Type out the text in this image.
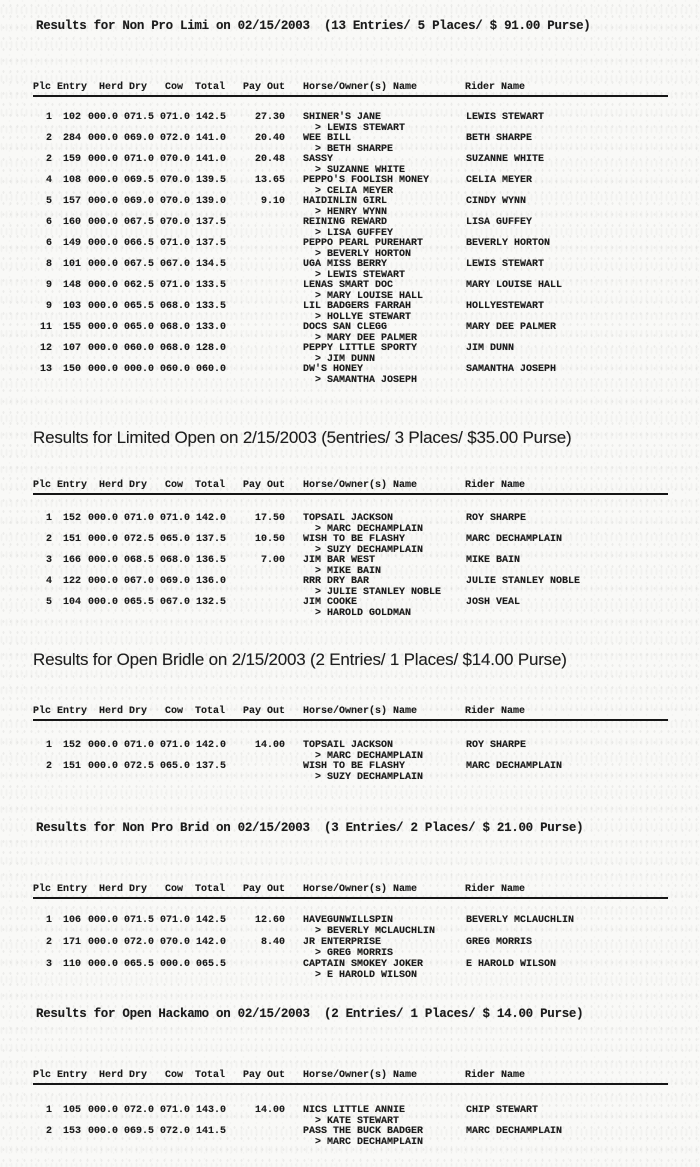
Results for Non Pro Limi on 02/15/2003  (13 Entries/ 5 Places/ $ 91.00 Purse)
Plc Entry Herd Dry Cow Total Pay Out Horse/Owner(s) Name	Rider Name
1	102 000.0 071.5 071.0 142.5	27.30 SHINER'S JANE	LEWIS STEWART
> LEWIS STEWART
2	284 000.0 069.0 072.0 141.0	20.40 WEE BILL	BETH SHARPE
> BETH SHARPE
2	159 000.0 071.0 070.0 141.0	20.48 SASSY	SUZANNE WHITE
> SUZANNE WHITE
4	108 000.0 069.5 070.0 139.5	13.65 PEPPO'S FOOLISH MONEY	CELIA MEYER
> CELIA MEYER
5	157 000.0 069.0 070.0 139.0	9.10 HAIDINLIN GIRL	CINDY WYNN
> HENRY WYNN
6	160 000.0 067.5 070.0 137.5	REINING REWARD	LISA GUFFEY
> LISA GUFFEY
6	149 000.0 066.5 071.0 137.5	PEPPO PEARL PUREHART	BEVERLY HORTON
> BEVERLY HORTON
8	101 000.0 067.5 067.0 134.5	UGA MISS BERRY	LEWIS STEWART
> LEWIS STEWART
9	148 000.0 062.5 071.0 133.5	LENAS SMART DOC	MARY LOUISE HALL
> MARY LOUISE HALL
9	103 000.0 065.5 068.0 133.5	LIL BADGERS FARRAH	HOLLYESTEWART
> HOLLYE STEWART
11	155 000.0 065.0 068.0 133.0	DOCS SAN CLEGG	MARY DEE PALMER
> MARY DEE PALMER
12	107 000.0 060.0 068.0 128.0	PEPPY LITTLE SPORTY	JIM DUNN
> JIM DUNN
13	150 000.0 000.0 060.0 060.0	DW'S HONEY	SAMANTHA JOSEPH
> SAMANTHA JOSEPH
Results for Limited Open on 2/15/2003 (5entries/ 3 Places/ $35.00 Purse)
Plc Entry Herd Dry Cow Total Pay Out Horse/Owner(s) Name	Rider Name
1	152 000.0 071.0 071.0 142.0	17.50 TOPSAIL JACKSON	ROY SHARPE
> MARC DECHAMPLAIN
2	151 000.0 072.5 065.0 137.5	10.50 WISH TO BE FLASHY	MARC DECHAMPLAIN
> SUZY DECHAMPLAIN
3	166 000.0 068.5 068.0 136.5	7.00 JIM BAR WEST	MIKE BAIN
> MIKE BAIN
4	122 000.0 067.0 069.0 136.0	RRR DRY BAR	JULIE STANLEY NOBLE
> JULIE STANLEY NOBLE
5	104 000.0 065.5 067.0 132.5	JIM COOKE	JOSH VEAL
> HAROLD GOLDMAN
Results for Open Bridle on 2/15/2003 (2 Entries/ 1 Places/ $14.00 Purse)
Plc Entry Herd Dry Cow Total Pay Out Horse/Owner(s) Name	Rider Name
1	152 000.0 071.0 071.0 142.0	14.00 TOPSAIL JACKSON	ROY SHARPE
> MARC DECHAMPLAIN
2	151 000.0 072.5 065.0 137.5	WISH TO BE FLASHY	MARC DECHAMPLAIN
> SUZY DECHAMPLAIN
Results for Non Pro Brid on 02/15/2003  (3 Entries/ 2 Places/ $ 21.00 Purse)
Plc Entry Herd Dry Cow Total Pay Out Horse/Owner(s) Name	Rider Name
1	106 000.0 071.5 071.0 142.5	12.60 HAVEGUNWILLSPIN	BEVERLY MCLAUCHLIN
> BEVERLY MCLAUCHLIN
2	171 000.0 072.0 070.0 142.0	8.40 JR ENTERPRISE	GREG MORRIS
> GREG MORRIS
3	110 000.0 065.5 000.0 065.5	CAPTAIN SMOKEY JOKER	E HAROLD WILSON
> E HAROLD WILSON
Results for Open Hackamo on 02/15/2003  (2 Entries/ 1 Places/ $ 14.00 Purse)
Plc Entry Herd Dry Cow Total Pay Out Horse/Owner(s) Name	Rider Name
1	105 000.0 072.0 071.0 143.0	14.00 NICS LITTLE ANNIE	CHIP STEWART
> KATE STEWART
2	153 000.0 069.5 072.0 141.5	PASS THE BUCK BADGER	MARC DECHAMPLAIN
> MARC DECHAMPLAIN
